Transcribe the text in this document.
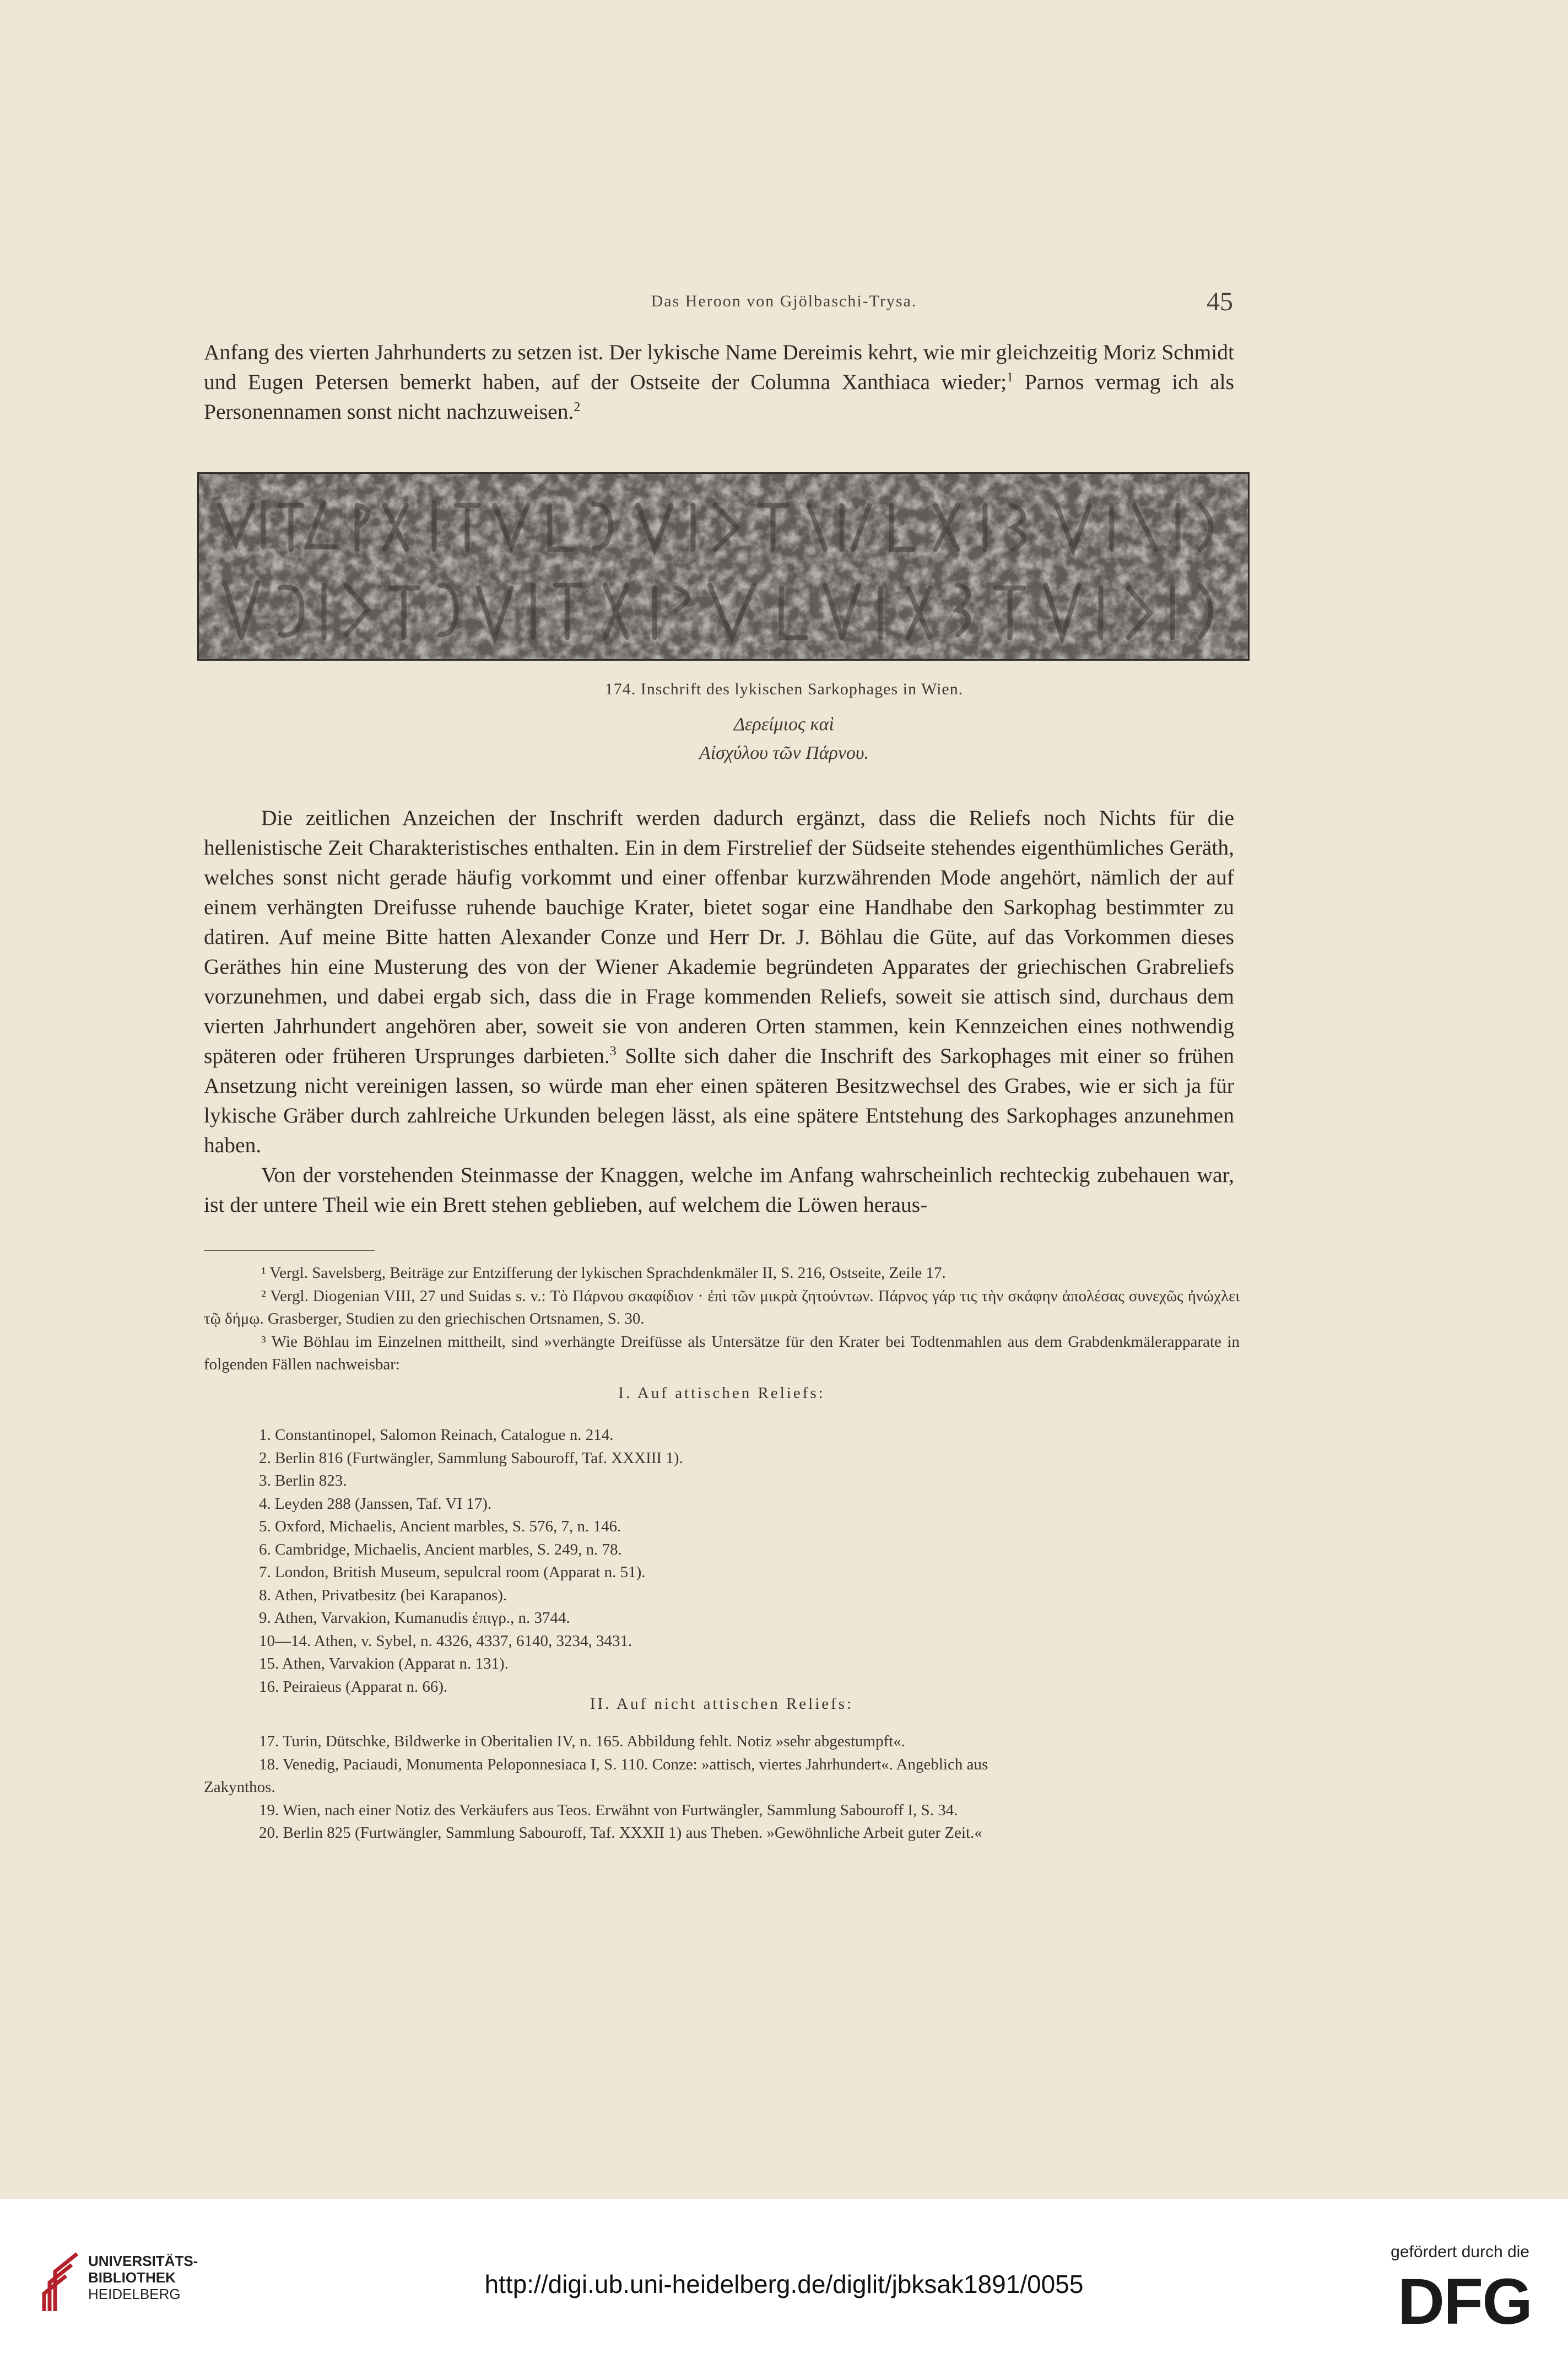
Das Heroon von Gjölbaschi-Trysa.	45

Anfang des vierten Jahrhunderts zu setzen ist. Der lykische Name Dereimis kehrt, wie mir gleichzeitig Moriz Schmidt und Eugen Petersen bemerkt haben, auf der Ostseite der Columna Xanthiaca wieder;$^1$ Parnos vermag ich als Personennamen sonst nicht nachzuweisen.$^2$

174. Inschrift des lykischen Sarkophages in Wien.
Δερείμιος καὶ
Αἰσχύλου τῶν Πάρνου.

Die zeitlichen Anzeichen der Inschrift werden dadurch ergänzt, dass die Reliefs noch Nichts für die hellenistische Zeit Charakteristisches enthalten. Ein in dem Firstrelief der Südseite stehendes eigenthümliches Geräth, welches sonst nicht gerade häufig vorkommt und einer offenbar kurzwährenden Mode angehört, nämlich der auf einem verhängten Dreifusse ruhende bauchige Krater, bietet sogar eine Handhabe den Sarkophag bestimmter zu datiren. Auf meine Bitte hatten Alexander Conze und Herr Dr. J. Böhlau die Güte, auf das Vorkommen dieses Geräthes hin eine Musterung des von der Wiener Akademie begründeten Apparates der griechischen Grabreliefs vorzunehmen, und dabei ergab sich, dass die in Frage kommenden Reliefs, soweit sie attisch sind, durchaus dem vierten Jahrhundert angehören aber, soweit sie von anderen Orten stammen, kein Kennzeichen eines nothwendig späteren oder früheren Ursprunges darbieten.$^3$ Sollte sich daher die Inschrift des Sarkophages mit einer so frühen Ansetzung nicht vereinigen lassen, so würde man eher einen späteren Besitzwechsel des Grabes, wie er sich ja für lykische Gräber durch zahlreiche Urkunden belegen lässt, als eine spätere Entstehung des Sarkophages anzunehmen haben.

Von der vorstehenden Steinmasse der Knaggen, welche im Anfang wahrscheinlich rechteckig zubehauen war, ist der untere Theil wie ein Brett stehen geblieben, auf welchem die Löwen heraus-

¹ Vergl. Savelsberg, Beiträge zur Entzifferung der lykischen Sprachdenkmäler II, S. 216, Ostseite, Zeile 17.

² Vergl. Diogenian VIII, 27 und Suidas s. v.: Τὸ Πάρνου σκαφίδιον · ἐπὶ τῶν μικρὰ ζητούντων. Πάρνος γάρ τις τὴν σκάφην ἀπολέσας συνεχῶς ἠνώχλει τῷ δήμῳ. Grasberger, Studien zu den griechischen Ortsnamen, S. 30.

³ Wie Böhlau im Einzelnen mittheilt, sind »verhängte Dreifüsse als Untersätze für den Krater bei Todtenmahlen aus dem Grabdenkmälerapparate in folgenden Fällen nachweisbar:

I. Auf attischen Reliefs:
1. Constantinopel, Salomon Reinach, Catalogue n. 214.
2. Berlin 816 (Furtwängler, Sammlung Sabouroff, Taf. XXXIII 1).
3. Berlin 823.
4. Leyden 288 (Janssen, Taf. VI 17).
5. Oxford, Michaelis, Ancient marbles, S. 576, 7, n. 146.
6. Cambridge, Michaelis, Ancient marbles, S. 249, n. 78.
7. London, British Museum, sepulcral room (Apparat n. 51).
8. Athen, Privatbesitz (bei Karapanos).
9. Athen, Varvakion, Kumanudis ἐπιγρ., n. 3744.
10—14. Athen, v. Sybel, n. 4326, 4337, 6140, 3234, 3431.
15. Athen, Varvakion (Apparat n. 131).
16. Peiraieus (Apparat n. 66).
II. Auf nicht attischen Reliefs:
17. Turin, Dütschke, Bildwerke in Oberitalien IV, n. 165. Abbildung fehlt. Notiz »sehr abgestumpft«.
18. Venedig, Paciaudi, Monumenta Peloponnesiaca I, S. 110. Conze: »attisch, viertes Jahrhundert«. Angeblich aus
Zakynthos.
19. Wien, nach einer Notiz des Verkäufers aus Teos. Erwähnt von Furtwängler, Sammlung Sabouroff I, S. 34.
20. Berlin 825 (Furtwängler, Sammlung Sabouroff, Taf. XXXII 1) aus Theben. »Gewöhnliche Arbeit guter Zeit.«
UNIVERSITÄTS-
BIBLIOTHEK
HEIDELBERG	http://digi.ub.uni-heidelberg.de/diglit/jbksak1891/0055
gefördert durch die
DFG
